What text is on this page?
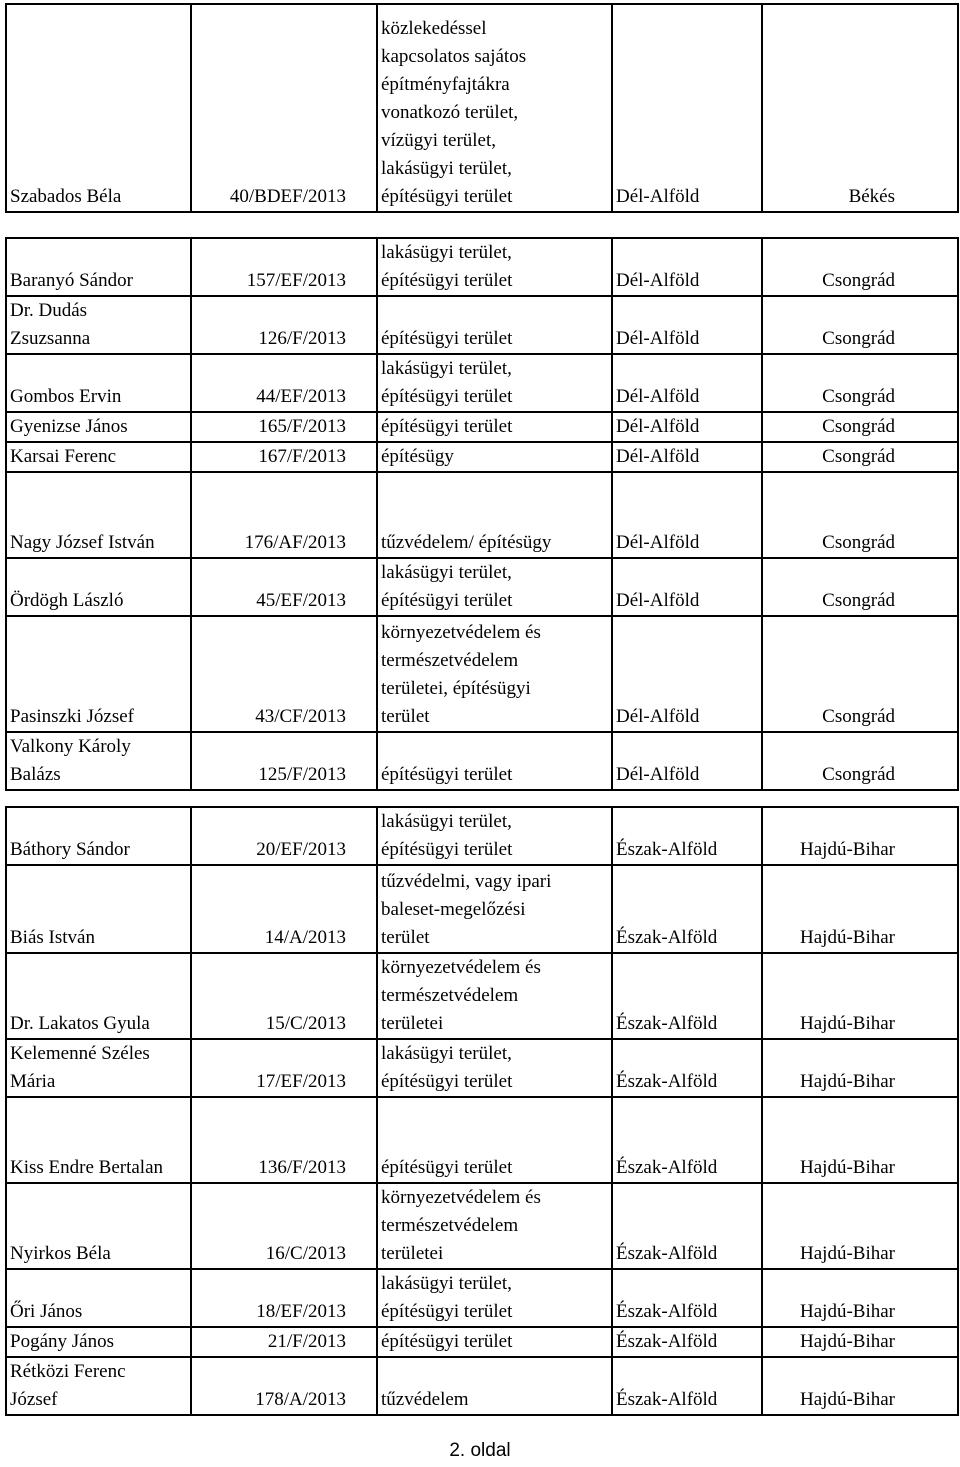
Szabados Béla	40/BDEF/2013	
közlekedéssel
kapcsolatos sajátos
építményfajtákra
vonatkozó terület,
vízügyi terület,
lakásügyi terület,
építésügyi terület	Dél-Alföld	Békés
Baranyó Sándor	157/EF/2013	lakásügyi terület,
építésügyi terület	Dél-Alföld	Csongrád

Dr. Dudás
Zsuzsanna	126/F/2013	építésügyi terület	Dél-Alföld	Csongrád

Gombos Ervin	44/EF/2013	lakásügyi terület,
építésügyi terület	Dél-Alföld	Csongrád

Gyenizse János	165/F/2013	építésügyi terület	Dél-Alföld	Csongrád

Karsai Ferenc	167/F/2013	építésügy	Dél-Alföld	Csongrád

Nagy József István	176/AF/2013	tűzvédelem/ építésügy	Dél-Alföld	Csongrád

Ördögh László	45/EF/2013	lakásügyi terület,
építésügyi terület	Dél-Alföld	Csongrád

Pasinszki József	43/CF/2013	környezetvédelem és
természetvédelem
területei, építésügyi
terület	Dél-Alföld	Csongrád

Valkony Károly
Balázs	125/F/2013	építésügyi terület	Dél-Alföld	Csongrád
Báthory Sándor	20/EF/2013	lakásügyi terület,
építésügyi terület	Észak-Alföld	Hajdú-Bihar

Biás István	14/A/2013	tűzvédelmi, vagy ipari
baleset-megelőzési
terület	Észak-Alföld	Hajdú-Bihar

Dr. Lakatos Gyula	15/C/2013	környezetvédelem és
természetvédelem
területei	Észak-Alföld	Hajdú-Bihar

Kelemenné Széles
Mária	17/EF/2013	lakásügyi terület,
építésügyi terület	Észak-Alföld	Hajdú-Bihar

Kiss Endre Bertalan	136/F/2013	építésügyi terület	Észak-Alföld	Hajdú-Bihar

Nyirkos Béla	16/C/2013	környezetvédelem és
természetvédelem
területei	Észak-Alföld	Hajdú-Bihar

Őri János	18/EF/2013	lakásügyi terület,
építésügyi terület	Észak-Alföld	Hajdú-Bihar

Pogány János	21/F/2013	építésügyi terület	Észak-Alföld	Hajdú-Bihar

Rétközi Ferenc
József	178/A/2013	tűzvédelem	Észak-Alföld	Hajdú-Bihar
2. oldal
